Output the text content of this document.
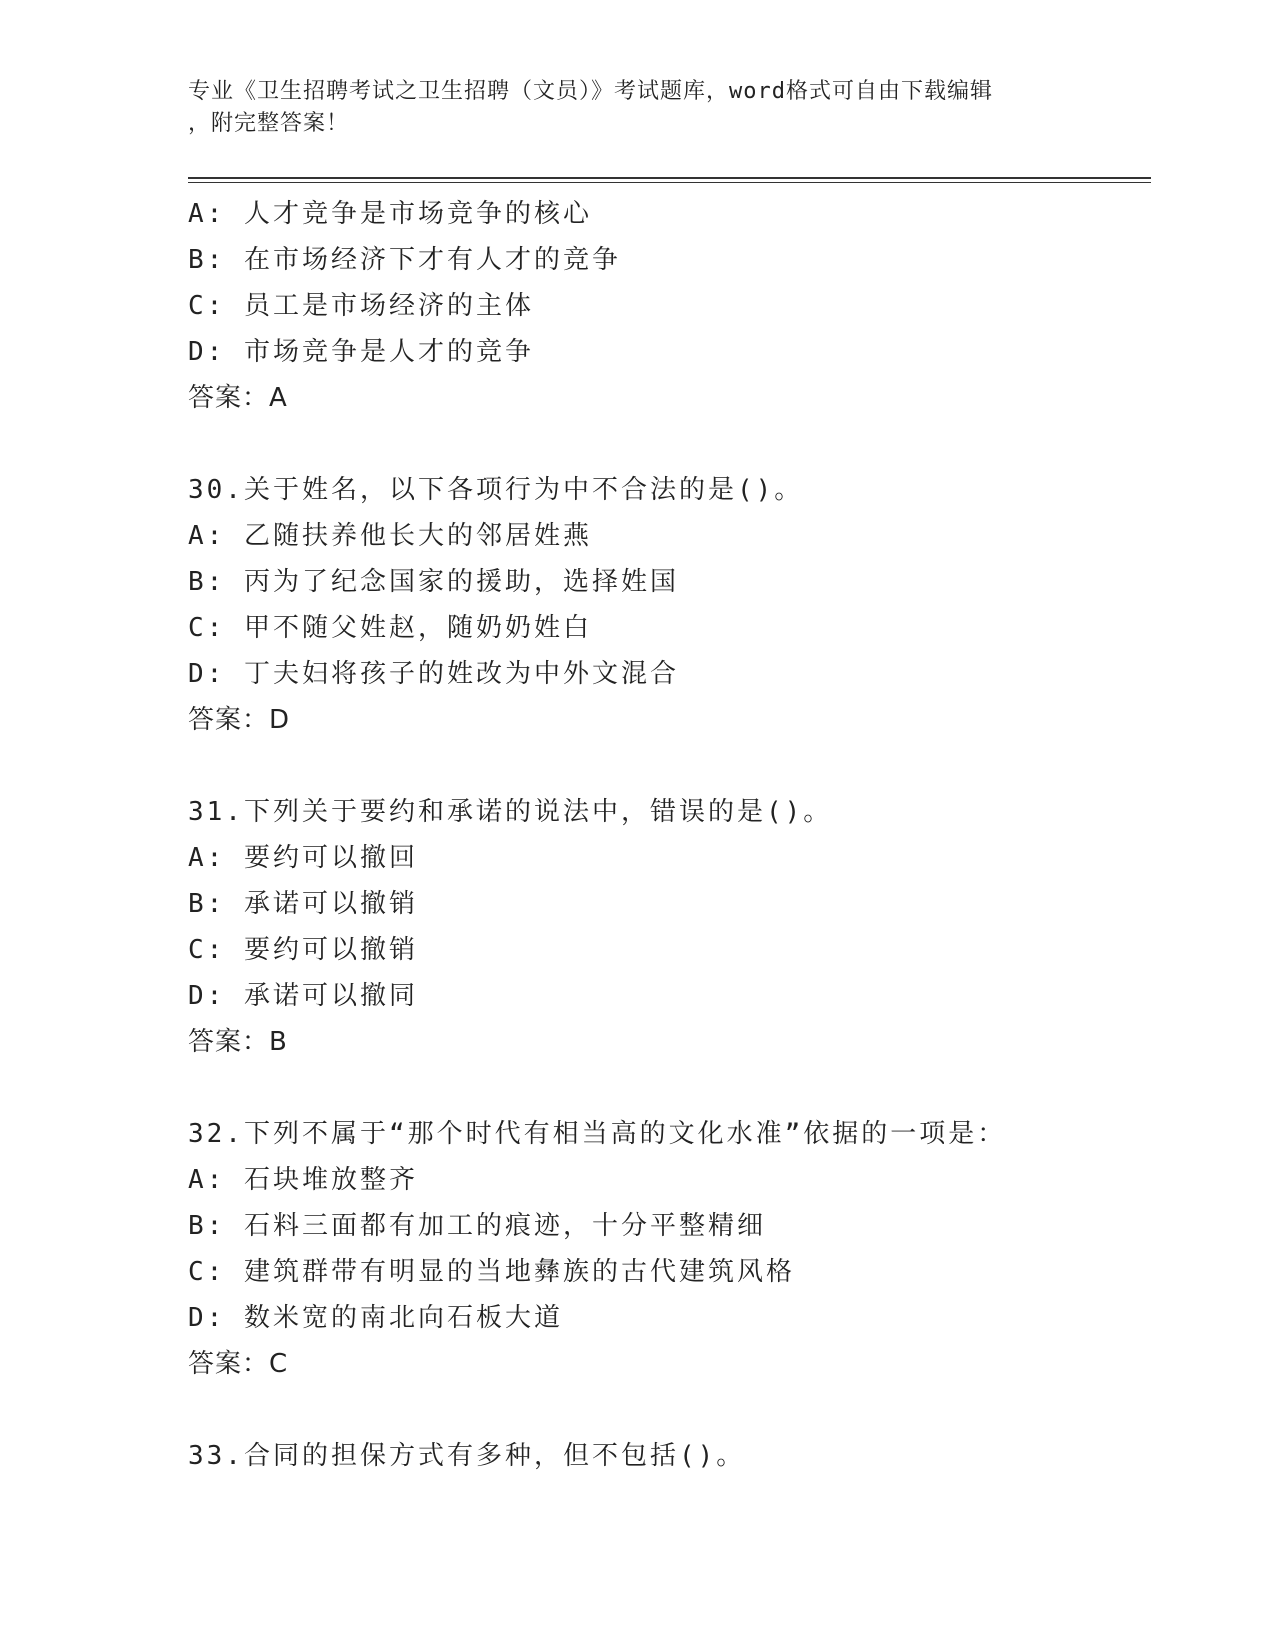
专业《卫生招聘考试之卫生招聘（文员）》考试题库，word格式可自由下载编辑
，附完整答案！
A: 人才竞争是市场竞争的核心
B: 在市场经济下才有人才的竞争
C: 员工是市场经济的主体
D: 市场竞争是人才的竞争
答案：A
30.关于姓名，以下各项行为中不合法的是()。
A: 乙随扶养他长大的邻居姓燕
B: 丙为了纪念国家的援助，选择姓国
C: 甲不随父姓赵，随奶奶姓白
D: 丁夫妇将孩子的姓改为中外文混合
答案：D
31.下列关于要约和承诺的说法中，错误的是()。
A: 要约可以撤回
B: 承诺可以撤销
C: 要约可以撤销
D: 承诺可以撤同
答案：B
32.下列不属于“那个时代有相当高的文化水准”依据的一项是：
A: 石块堆放整齐
B: 石料三面都有加工的痕迹，十分平整精细
C: 建筑群带有明显的当地彝族的古代建筑风格
D: 数米宽的南北向石板大道
答案：C
33.合同的担保方式有多种，但不包括()。
